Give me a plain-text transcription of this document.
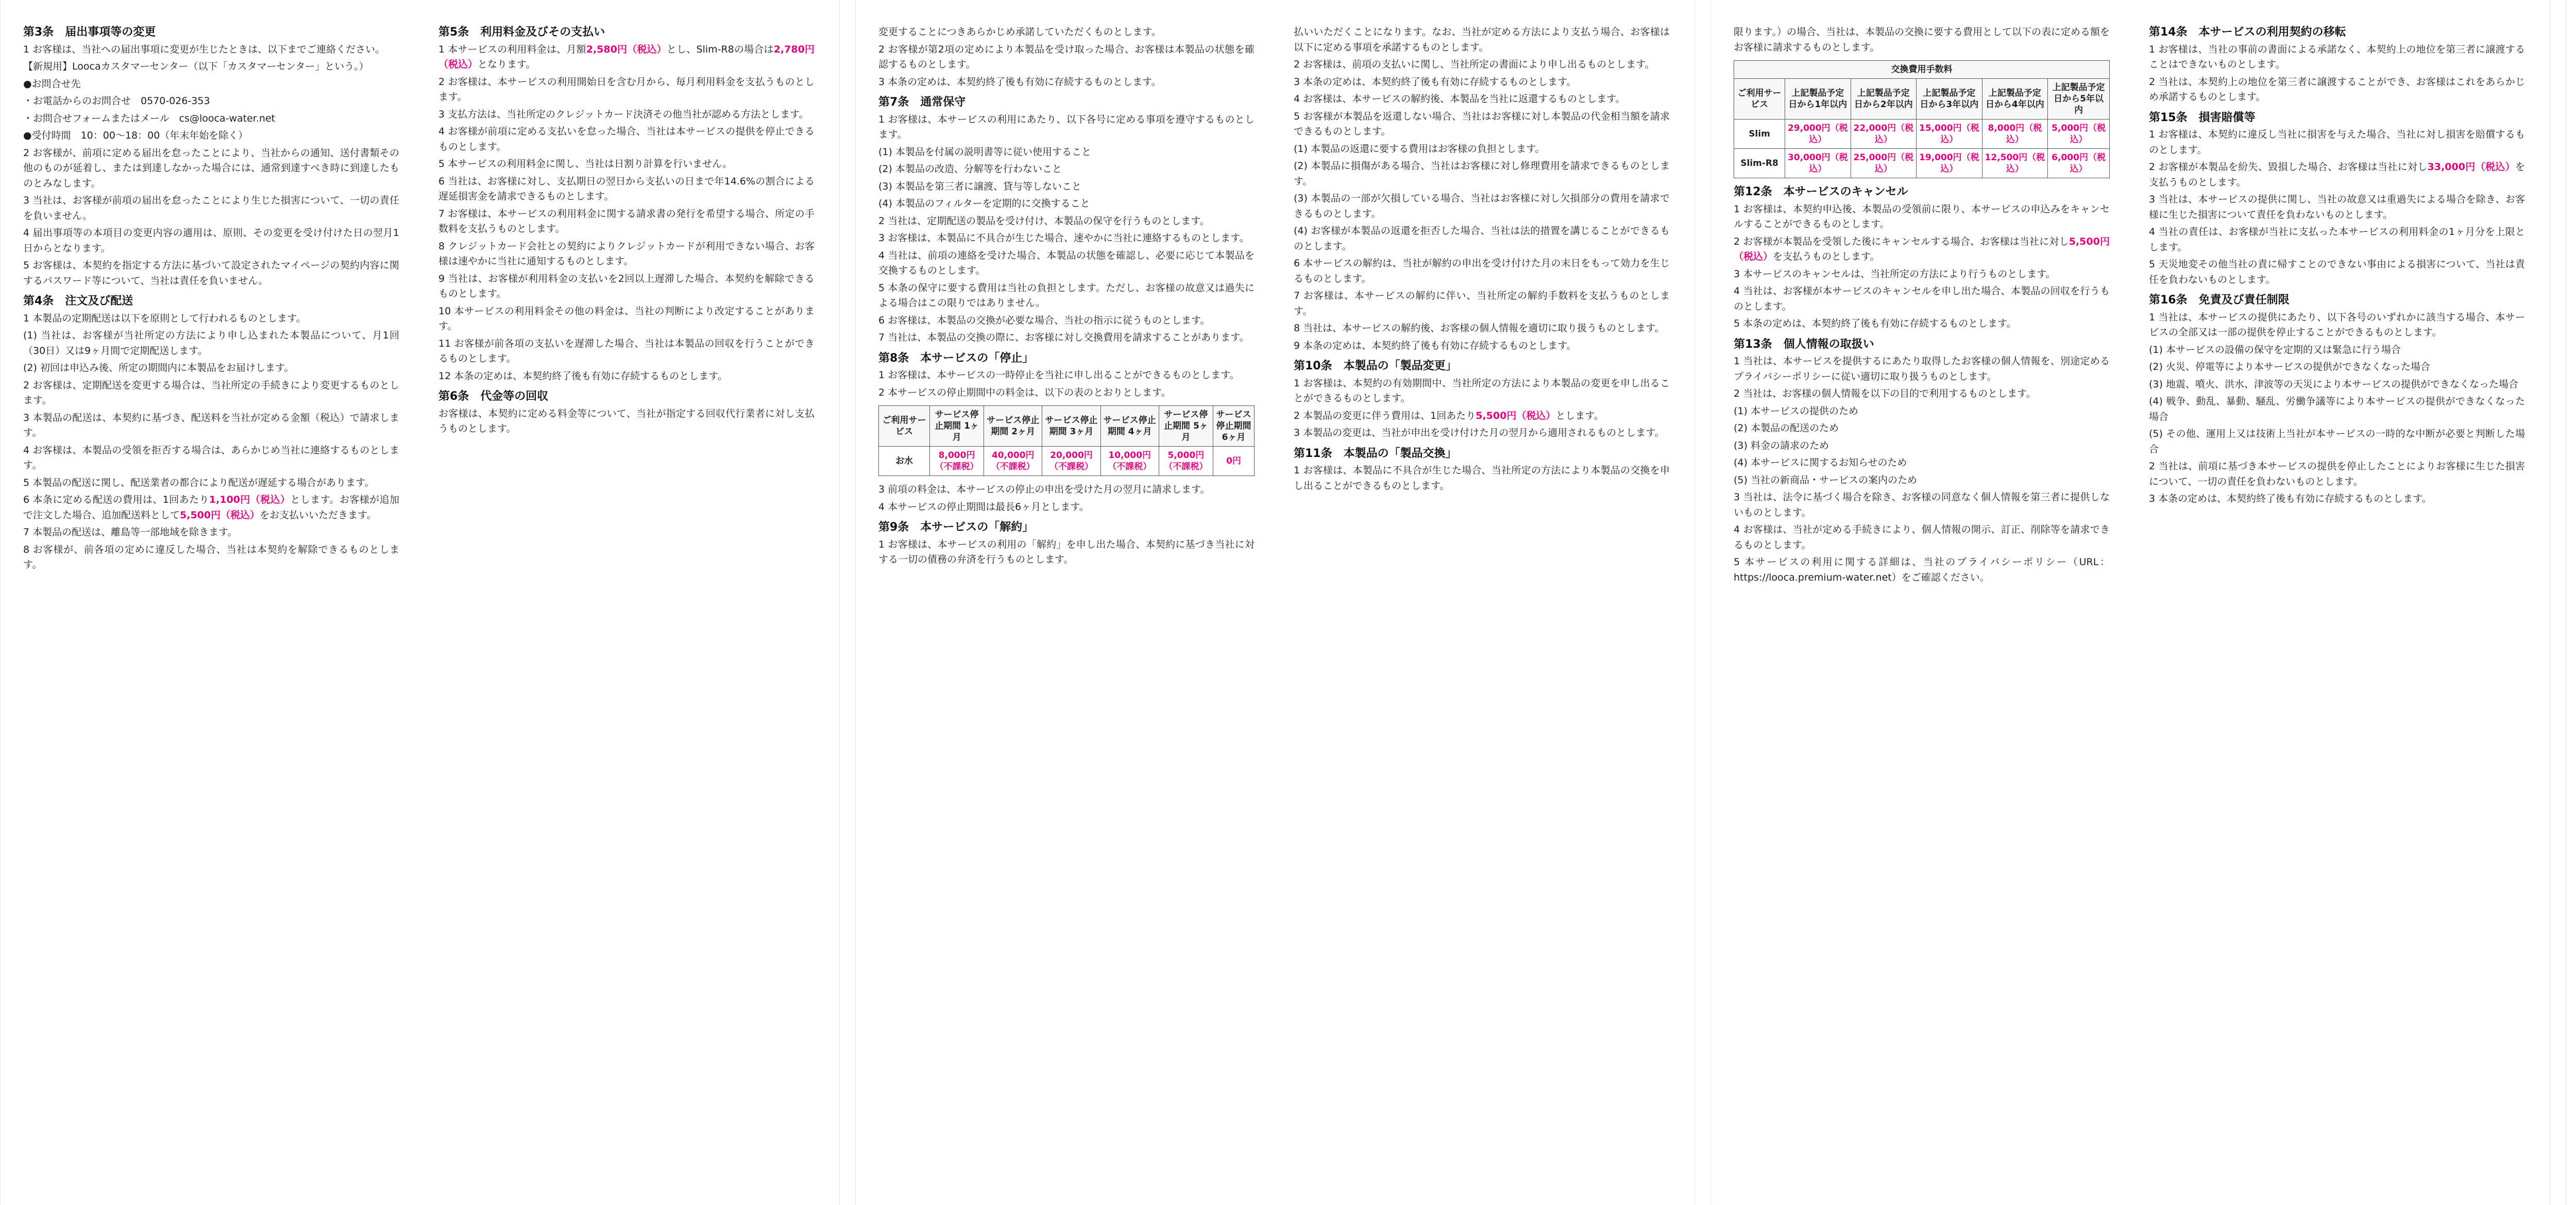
第3条　届出事項等の変更

1 お客様は、当社への届出事項に変更が生じたときは、以下までご連絡ください。

【新規用】Loocaカスタマーセンター（以下「カスタマーセンター」という。）

●お問合せ先

・お電話からのお問合せ　0570-026-353

・お問合せフォームまたはメール　cs@looca-water.net

●受付時間　10：00～18：00（年末年始を除く）

2 お客様が、前項に定める届出を怠ったことにより、当社からの通知、送付書類その他のものが延着し、または到達しなかった場合には、通常到達すべき時に到達したものとみなします。

3 当社は、お客様が前項の届出を怠ったことにより生じた損害について、一切の責任を負いません。

4 届出事項等の本項目の変更内容の適用は、原則、その変更を受け付けた日の翌月1日からとなります。

5 お客様は、本契約を指定する方法に基づいて設定されたマイページの契約内容に関するパスワード等について、当社は責任を負いません。

第4条　注文及び配送

1 本製品の定期配送は以下を原則として行われるものとします。

(1) 当社は、お客様が当社所定の方法により申し込まれた本製品について、月1回（30日）又は9ヶ月間で定期配送します。

(2) 初回は申込み後、所定の期間内に本製品をお届けします。

2 お客様は、定期配送を変更する場合は、当社所定の手続きにより変更するものとします。

3 本製品の配送は、本契約に基づき、配送料を当社が定める金額（税込）で請求します。

4 お客様は、本製品の受領を拒否する場合は、あらかじめ当社に連絡するものとします。

5 本製品の配送に関し、配送業者の都合により配送が遅延する場合があります。

6 本条に定める配送の費用は、1回あたり1,100円（税込）とします。お客様が追加で注文した場合、追加配送料として5,500円（税込）をお支払いいただきます。

7 本製品の配送は、離島等一部地域を除きます。

8 お客様が、前各項の定めに違反した場合、当社は本契約を解除できるものとします。

第5条　利用料金及びその支払い

1 本サービスの利用料金は、月額2,580円（税込）とし、Slim-R8の場合は2,780円（税込）となります。

2 お客様は、本サービスの利用開始日を含む月から、毎月利用料金を支払うものとします。

3 支払方法は、当社所定のクレジットカード決済その他当社が認める方法とします。

4 お客様が前項に定める支払いを怠った場合、当社は本サービスの提供を停止できるものとします。

5 本サービスの利用料金に関し、当社は日割り計算を行いません。

6 当社は、お客様に対し、支払期日の翌日から支払いの日まで年14.6%の割合による遅延損害金を請求できるものとします。

7 お客様は、本サービスの利用料金に関する請求書の発行を希望する場合、所定の手数料を支払うものとします。

8 クレジットカード会社との契約によりクレジットカードが利用できない場合、お客様は速やかに当社に通知するものとします。

9 当社は、お客様が利用料金の支払いを2回以上遅滞した場合、本契約を解除できるものとします。

10 本サービスの利用料金その他の料金は、当社の判断により改定することがあります。

11 お客様が前各項の支払いを遅滞した場合、当社は本製品の回収を行うことができるものとします。

12 本条の定めは、本契約終了後も有効に存続するものとします。

第6条　代金等の回収

お客様は、本契約に定める料金等について、当社が指定する回収代行業者に対し支払うものとします。

変更することにつきあらかじめ承諾していただくものとします。

2 お客様が第2項の定めにより本製品を受け取った場合、お客様は本製品の状態を確認するものとします。

3 本条の定めは、本契約終了後も有効に存続するものとします。

第7条　通常保守

1 お客様は、本サービスの利用にあたり、以下各号に定める事項を遵守するものとします。

(1) 本製品を付属の説明書等に従い使用すること

(2) 本製品の改造、分解等を行わないこと

(3) 本製品を第三者に譲渡、貸与等しないこと

(4) 本製品のフィルターを定期的に交換すること

2 当社は、定期配送の製品を受け付け、本製品の保守を行うものとします。

3 お客様は、本製品に不具合が生じた場合、速やかに当社に連絡するものとします。

4 当社は、前項の連絡を受けた場合、本製品の状態を確認し、必要に応じて本製品を交換するものとします。

5 本条の保守に要する費用は当社の負担とします。ただし、お客様の故意又は過失による場合はこの限りではありません。

6 お客様は、本製品の交換が必要な場合、当社の指示に従うものとします。

7 当社は、本製品の交換の際に、お客様に対し交換費用を請求することがあります。

第8条　本サービスの「停止」

1 お客様は、本サービスの一時停止を当社に申し出ることができるものとします。

2 本サービスの停止期間中の料金は、以下の表のとおりとします。

ご利用サービス	サービス停止期間 1ヶ月	サービス停止期間 2ヶ月	サービス停止期間 3ヶ月	サービス停止期間 4ヶ月	サービス停止期間 5ヶ月	サービス停止期間 6ヶ月
お水	8,000円（不課税）	40,000円（不課税）	20,000円（不課税）	10,000円（不課税）	5,000円（不課税）	0円

3 前項の料金は、本サービスの停止の申出を受けた月の翌月に請求します。

4 本サービスの停止期間は最長6ヶ月とします。

第9条　本サービスの「解約」

1 お客様は、本サービスの利用の「解約」を申し出た場合、本契約に基づき当社に対する一切の債務の弁済を行うものとします。

払いいただくことになります。なお、当社が定める方法により支払う場合、お客様は以下に定める事項を承諾するものとします。

2 お客様は、前項の支払いに関し、当社所定の書面により申し出るものとします。

3 本条の定めは、本契約終了後も有効に存続するものとします。

4 お客様は、本サービスの解約後、本製品を当社に返還するものとします。

5 お客様が本製品を返還しない場合、当社はお客様に対し本製品の代金相当額を請求できるものとします。

(1) 本製品の返還に要する費用はお客様の負担とします。

(2) 本製品に損傷がある場合、当社はお客様に対し修理費用を請求できるものとします。

(3) 本製品の一部が欠損している場合、当社はお客様に対し欠損部分の費用を請求できるものとします。

(4) お客様が本製品の返還を拒否した場合、当社は法的措置を講じることができるものとします。

6 本サービスの解約は、当社が解約の申出を受け付けた月の末日をもって効力を生じるものとします。

7 お客様は、本サービスの解約に伴い、当社所定の解約手数料を支払うものとします。

8 当社は、本サービスの解約後、お客様の個人情報を適切に取り扱うものとします。

9 本条の定めは、本契約終了後も有効に存続するものとします。

第10条　本製品の「製品変更」

1 お客様は、本契約の有効期間中、当社所定の方法により本製品の変更を申し出ることができるものとします。

2 本製品の変更に伴う費用は、1回あたり5,500円（税込）とします。

3 本製品の変更は、当社が申出を受け付けた月の翌月から適用されるものとします。

第11条　本製品の「製品交換」

1 お客様は、本製品に不具合が生じた場合、当社所定の方法により本製品の交換を申し出ることができるものとします。

限ります。）の場合、当社は、本製品の交換に要する費用として以下の表に定める額をお客様に請求するものとします。

交換費用手数料					
ご利用サービス	上記製品予定日から1年以内	上記製品予定日から2年以内	上記製品予定日から3年以内	上記製品予定日から4年以内	上記製品予定日から5年以内
Slim	29,000円（税込）	22,000円（税込）	15,000円（税込）	8,000円（税込）	5,000円（税込）
Slim-R8	30,000円（税込）	25,000円（税込）	19,000円（税込）	12,500円（税込）	6,000円（税込）
第12条　本サービスのキャンセル

1 お客様は、本契約申込後、本製品の受領前に限り、本サービスの申込みをキャンセルすることができるものとします。

2 お客様が本製品を受領した後にキャンセルする場合、お客様は当社に対し5,500円（税込）を支払うものとします。

3 本サービスのキャンセルは、当社所定の方法により行うものとします。

4 当社は、お客様が本サービスのキャンセルを申し出た場合、本製品の回収を行うものとします。

5 本条の定めは、本契約終了後も有効に存続するものとします。

第13条　個人情報の取扱い

1 当社は、本サービスを提供するにあたり取得したお客様の個人情報を、別途定めるプライバシーポリシーに従い適切に取り扱うものとします。

2 当社は、お客様の個人情報を以下の目的で利用するものとします。

(1) 本サービスの提供のため

(2) 本製品の配送のため

(3) 料金の請求のため

(4) 本サービスに関するお知らせのため

(5) 当社の新商品・サービスの案内のため

3 当社は、法令に基づく場合を除き、お客様の同意なく個人情報を第三者に提供しないものとします。

4 お客様は、当社が定める手続きにより、個人情報の開示、訂正、削除等を請求できるものとします。

5 本サービスの利用に関する詳細は、当社のプライバシーポリシー（URL：https://looca.premium-water.net）をご確認ください。

第14条　本サービスの利用契約の移転

1 お客様は、当社の事前の書面による承諾なく、本契約上の地位を第三者に譲渡することはできないものとします。

2 当社は、本契約上の地位を第三者に譲渡することができ、お客様はこれをあらかじめ承諾するものとします。

第15条　損害賠償等

1 お客様は、本契約に違反し当社に損害を与えた場合、当社に対し損害を賠償するものとします。

2 お客様が本製品を紛失、毀損した場合、お客様は当社に対し33,000円（税込）を支払うものとします。

3 当社は、本サービスの提供に関し、当社の故意又は重過失による場合を除き、お客様に生じた損害について責任を負わないものとします。

4 当社の責任は、お客様が当社に支払った本サービスの利用料金の1ヶ月分を上限とします。

5 天災地変その他当社の責に帰すことのできない事由による損害について、当社は責任を負わないものとします。

第16条　免責及び責任制限

1 当社は、本サービスの提供にあたり、以下各号のいずれかに該当する場合、本サービスの全部又は一部の提供を停止することができるものとします。

(1) 本サービスの設備の保守を定期的又は緊急に行う場合

(2) 火災、停電等により本サービスの提供ができなくなった場合

(3) 地震、噴火、洪水、津波等の天災により本サービスの提供ができなくなった場合

(4) 戦争、動乱、暴動、騒乱、労働争議等により本サービスの提供ができなくなった場合

(5) その他、運用上又は技術上当社が本サービスの一時的な中断が必要と判断した場合

2 当社は、前項に基づき本サービスの提供を停止したことによりお客様に生じた損害について、一切の責任を負わないものとします。

3 本条の定めは、本契約終了後も有効に存続するものとします。
